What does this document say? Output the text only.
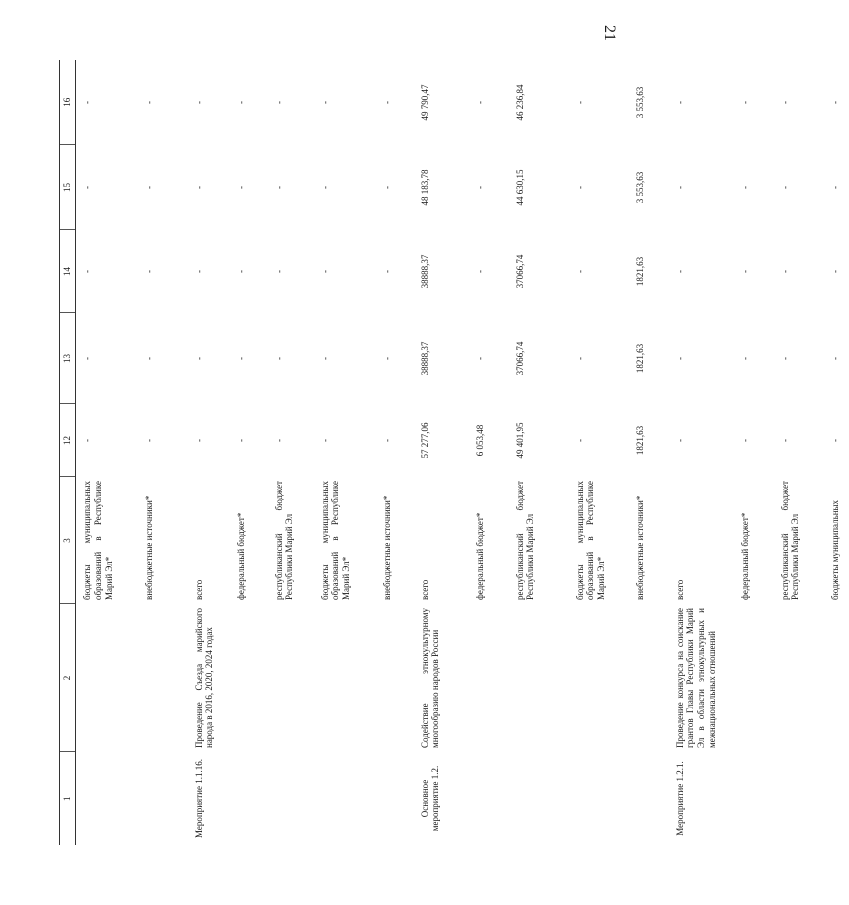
21
1	2	3	12	13	14	15	16
		бюджеты муниципальных образований в Республике Марий Эл*	-	-	-	-	-
		внебюджетные источники*	-	-	-	-	-
Мероприятие 1.1.16.	Проведение Съезда марийского народа в 2016, 2020, 2024 годах	всего	-	-	-	-	-
		федеральный бюджет*	-	-	-	-	-
		республиканский бюджет Республики Марий Эл	-	-	-	-	-
		бюджеты муниципальных образований в Республике Марий Эл*	-	-	-	-	-
		внебюджетные источники*	-	-	-	-	-
Основное мероприятие 1.2.	Содействие этнокультурному многообразию народов России	всего	57 277,06	38888,37	38888,37	48 183,78	49 790,47
		федеральный бюджет*	6 053,48	-	-	-	-
		республиканский бюджет Республики Марий Эл	49 401,95	37066,74	37066,74	44 630,15	46 236,84
		бюджеты муниципальных образований в Республике Марий Эл*	-	-	-	-	-
		внебюджетные источники*	1821,63	1821,63	1821,63	3 553,63	3 553,63
Мероприятие 1.2.1.	Проведение конкурса на соискание грантов Главы Республики Марий Эл в области этнокультурных и межнациональных отношений	всего	-	-	-	-	-
		федеральный бюджет*	-	-	-	-	-
		республиканский бюджет Республики Марий Эл	-	-	-	-	-
		бюджеты муниципальных	-	-	-	-	-
